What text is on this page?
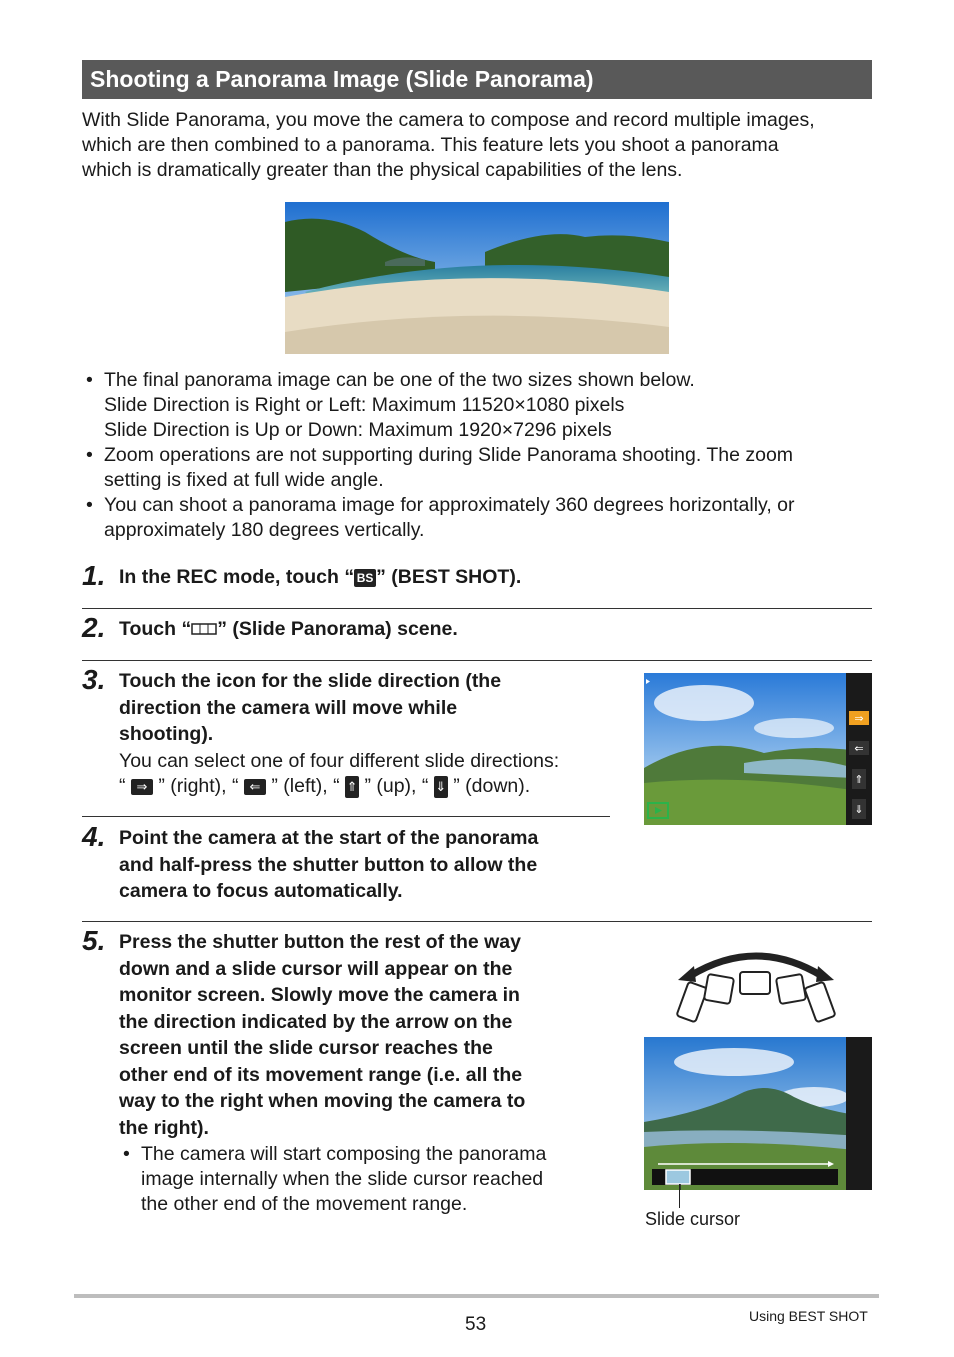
Shooting a Panorama Image (Slide Panorama)
With Slide Panorama, you move the camera to compose and record multiple images,
which are then combined to a panorama. This feature lets you shoot a panorama
which is dramatically greater than the physical capabilities of the lens.
• The final panorama image can be one of the two sizes shown below.
Slide Direction is Right or Left: Maximum 11520×1080 pixels
Slide Direction is Up or Down: Maximum 1920×7296 pixels
• Zoom operations are not supporting during Slide Panorama shooting. The zoom
setting is fixed at full wide angle.
• You can shoot a panorama image for approximately 360 degrees horizontally, or
approximately 180 degrees vertically.
1. In the REC mode, touch “ BS ” (BEST SHOT).
2. Touch “ ” (Slide Panorama) scene.
3. Touch the icon for the slide direction (the
direction the camera will move while
shooting).
You can select one of four different slide directions:
“ ⇒ ” (right), “ ⇐ ” (left), “ ⇑ ” (up), “ ⇓ ” (down).
⇒
⇐
⇑
⇓
4. Point the camera at the start of the panorama
and half-press the shutter button to allow the
camera to focus automatically.
5. Press the shutter button the rest of the way
down and a slide cursor will appear on the
monitor screen. Slowly move the camera in
the direction indicated by the arrow on the
screen until the slide cursor reaches the
other end of its movement range (i.e. all the
way to the right when moving the camera to
the right).
• The camera will start composing the panorama
image internally when the slide cursor reached
the other end of the movement range.
Slide cursor
53	Using BEST SHOT
